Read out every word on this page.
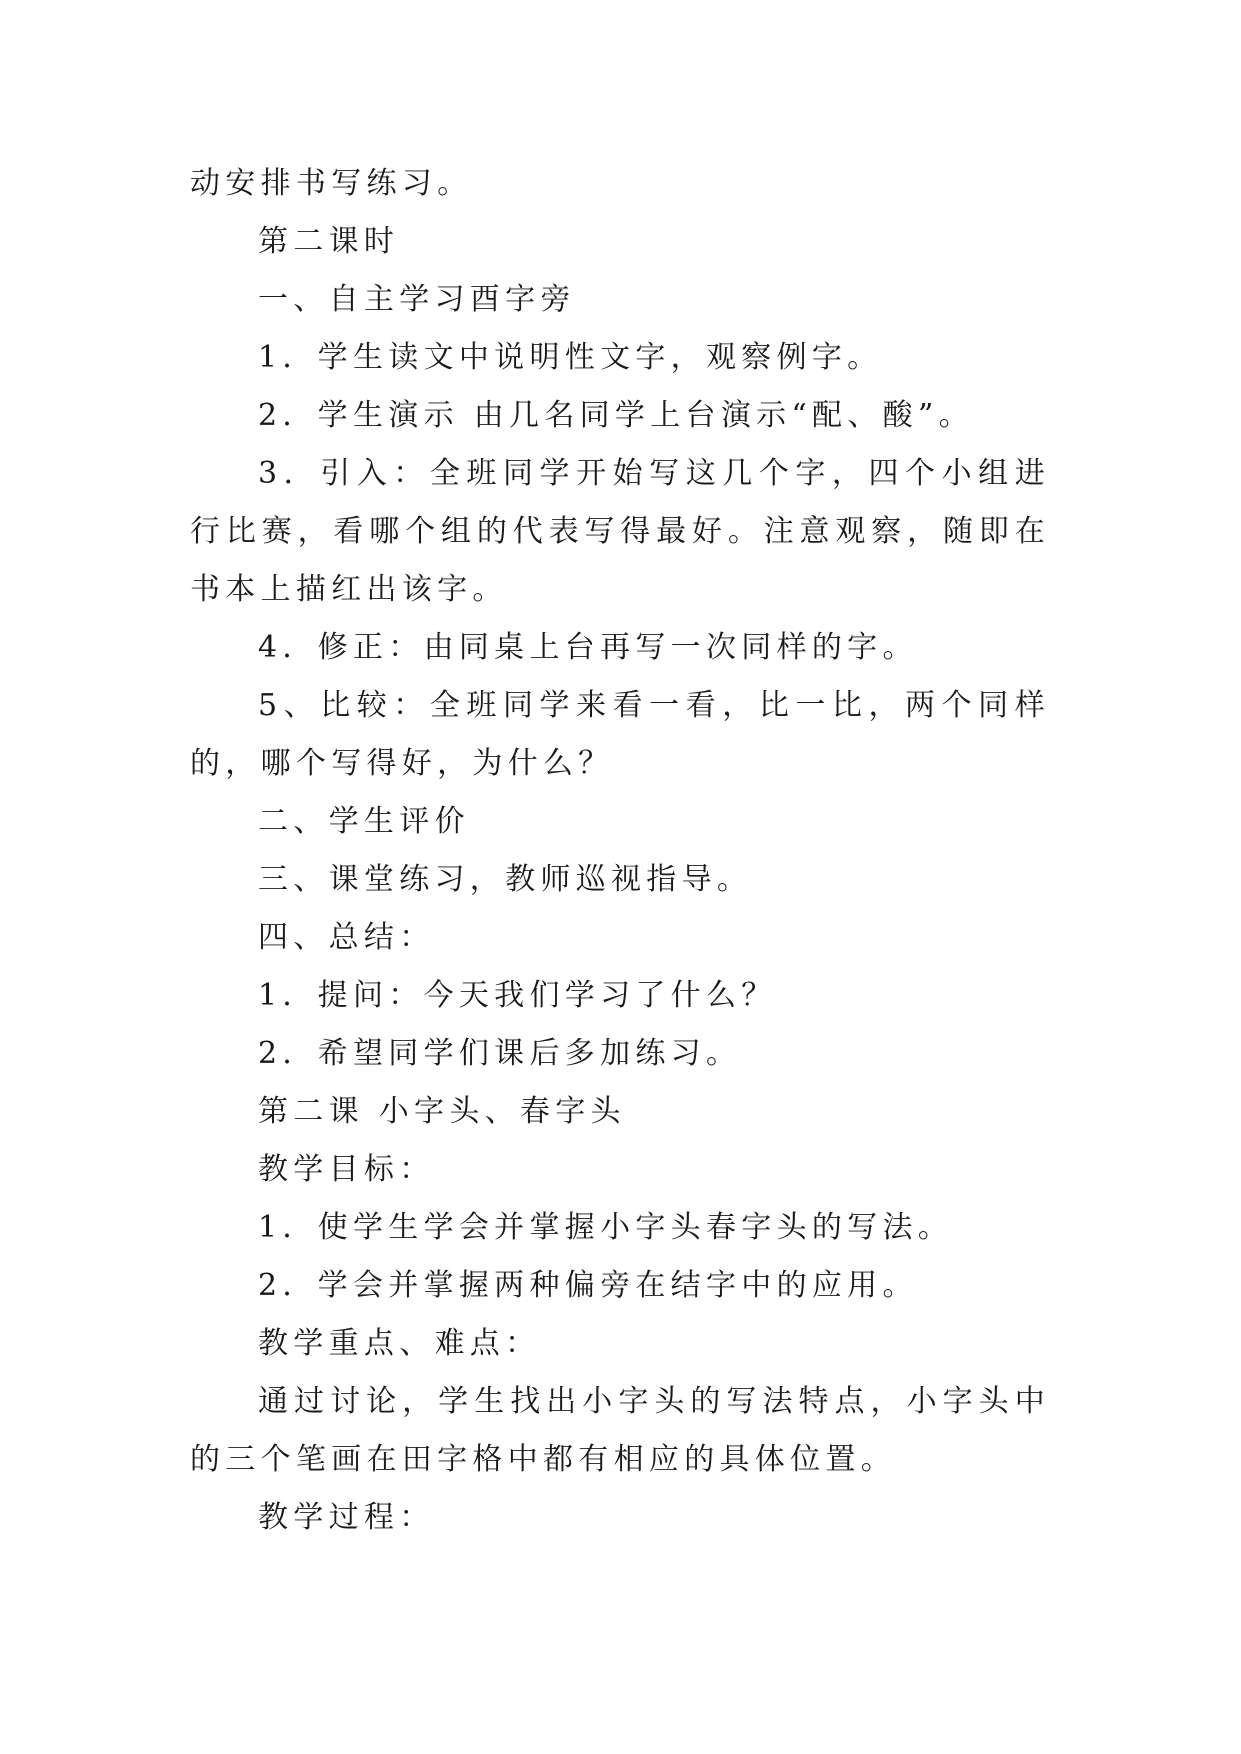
动安排书写练习。

第二课时

一、自主学习酉字旁

1．学生读文中说明性文字，观察例字。

2．学生演示 由几名同学上台演示“配、酸”。

3．引入：全班同学开始写这几个字，四个小组进行比赛，看哪个组的代表写得最好。注意观察，随即在书本上描红出该字。

4．修正：由同桌上台再写一次同样的字。

5、比较：全班同学来看一看，比一比，两个同样的，哪个写得好，为什么？

二、学生评价

三、课堂练习，教师巡视指导。

四、总结：

1．提问：今天我们学习了什么？

2．希望同学们课后多加练习。

第二课 小字头、春字头

教学目标：

1．使学生学会并掌握小字头春字头的写法。

2．学会并掌握两种偏旁在结字中的应用。

教学重点、难点：

通过讨论，学生找出小字头的写法特点，小字头中的三个笔画在田字格中都有相应的具体位置。

教学过程：
